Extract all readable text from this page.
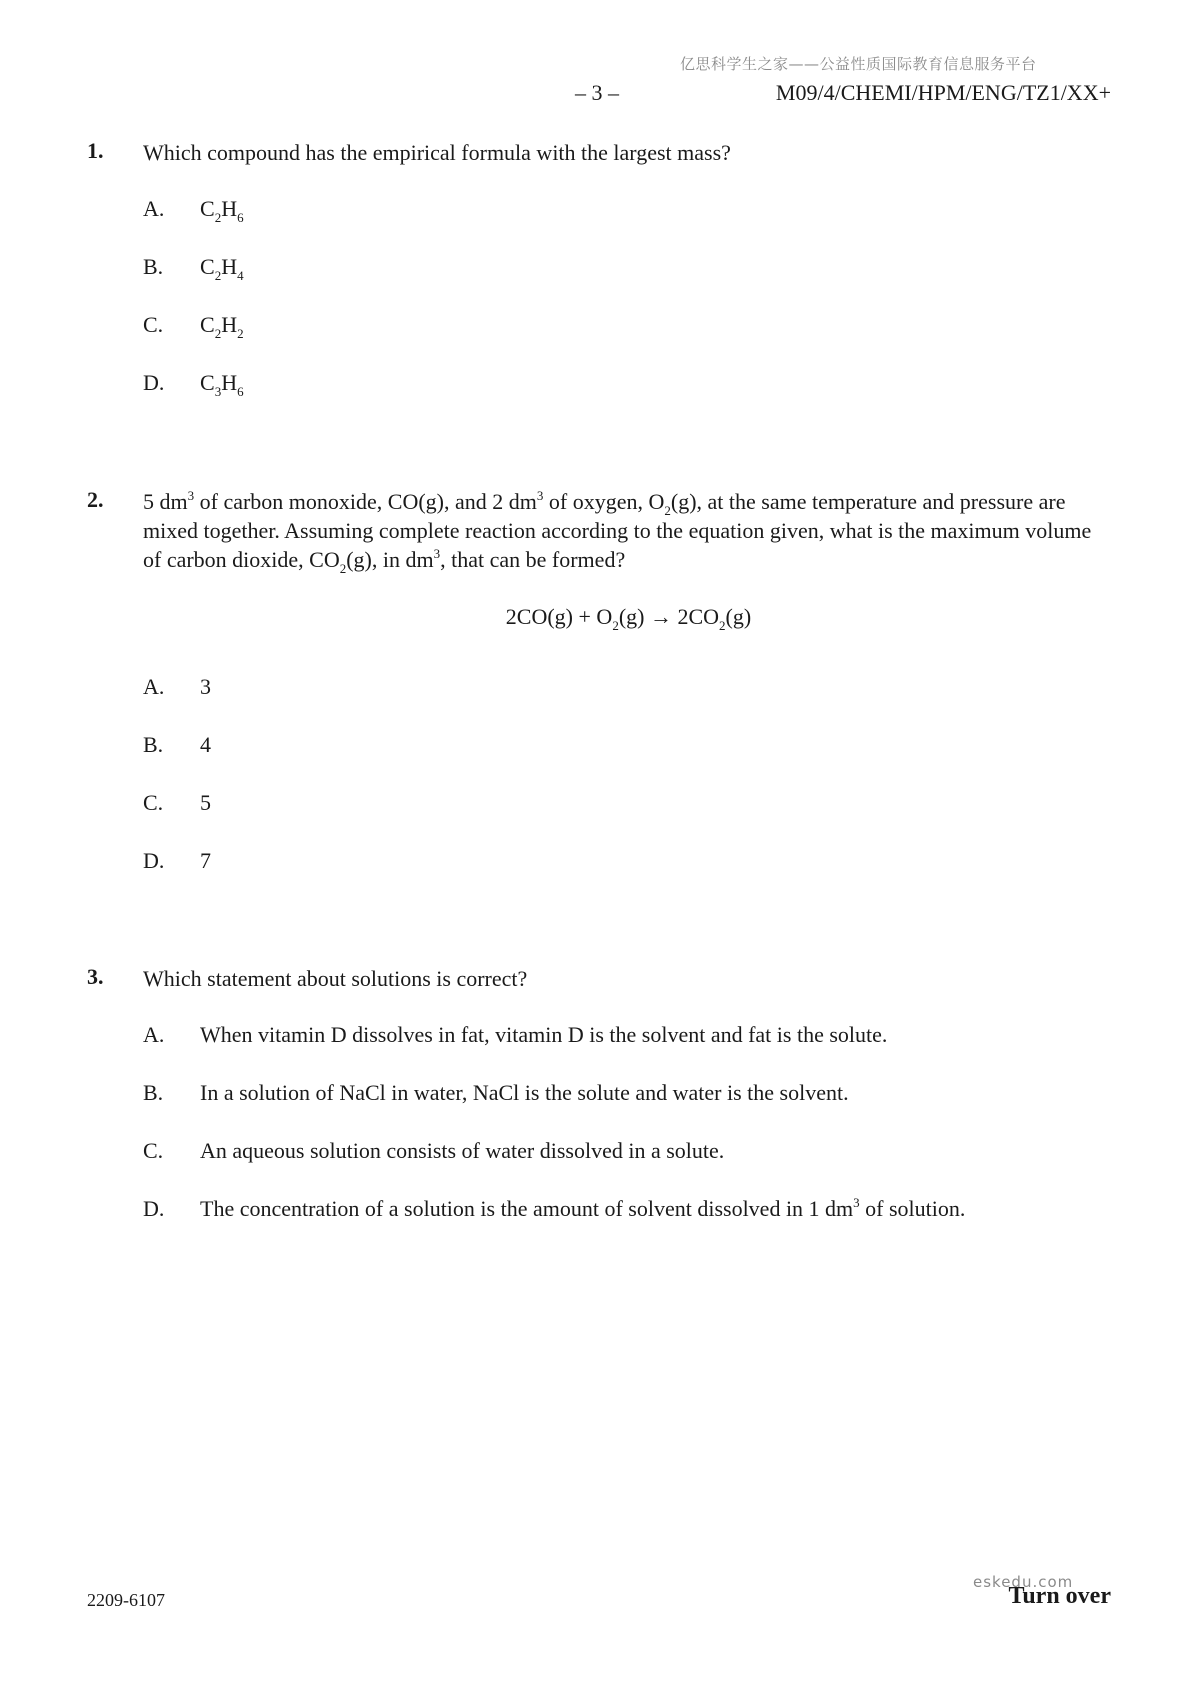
亿思科学生之家——公益性质国际教育信息服务平台
– 3 –	M09/4/CHEMI/HPM/ENG/TZ1/XX+
1. Which compound has the empirical formula with the largest mass?
A. $C_2H_6$
B. $C_2H_4$
C. $C_2H_2$
D. $C_3H_6$
2. 5 $dm^3$ of carbon monoxide, CO(g), and 2 $dm^3$ of oxygen, $O_2(g)$, at the same temperature and pressure are mixed together. Assuming complete reaction according to the equation given, what is the maximum volume of carbon dioxide, $CO_2(g)$, in $dm^3$, that can be formed?
$2CO(g) + O_2(g) \to 2CO_2(g)$
A. 3
B. 4
C. 5
D. 7
3. Which statement about solutions is correct?
A. When vitamin D dissolves in fat, vitamin D is the solvent and fat is the solute.
B. In a solution of NaCl in water, NaCl is the solute and water is the solvent.
C. An aqueous solution consists of water dissolved in a solute.
D. The concentration of a solution is the amount of solvent dissolved in 1 $dm^3$ of solution.
2209-6107	Turn over
eskedu.com
